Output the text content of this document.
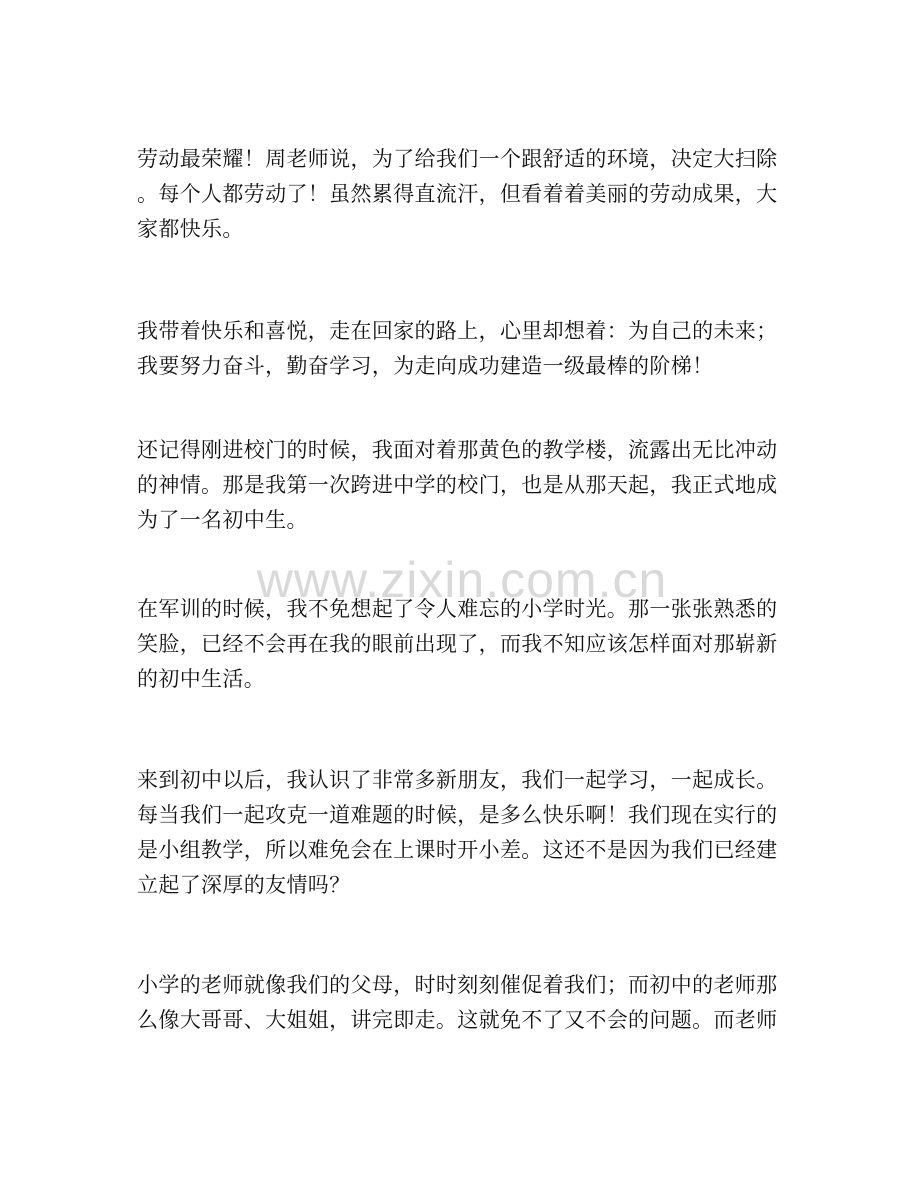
劳动最荣耀！周老师说，为了给我们一个跟舒适的环境，决定大扫除
。每个人都劳动了！虽然累得直流汗，但看着着美丽的劳动成果，大
家都快乐。
我带着快乐和喜悦，走在回家的路上，心里却想着：为自己的未来；
我要努力奋斗，勤奋学习，为走向成功建造一级最棒的阶梯！
还记得刚进校门的时候，我面对着那黄色的教学楼，流露出无比冲动
的神情。那是我第一次跨进中学的校门，也是从那天起，我正式地成
为了一名初中生。
在军训的时候，我不免想起了令人难忘的小学时光。那一张张熟悉的
笑脸，已经不会再在我的眼前出现了，而我不知应该怎样面对那崭新
的初中生活。
来到初中以后，我认识了非常多新朋友，我们一起学习，一起成长。
每当我们一起攻克一道难题的时候，是多么快乐啊！我们现在实行的
是小组教学，所以难免会在上课时开小差。这还不是因为我们已经建
立起了深厚的友情吗？
小学的老师就像我们的父母，时时刻刻催促着我们；而初中的老师那
么像大哥哥、大姐姐，讲完即走。这就免不了又不会的问题。而老师
www.zixin.com.cn
